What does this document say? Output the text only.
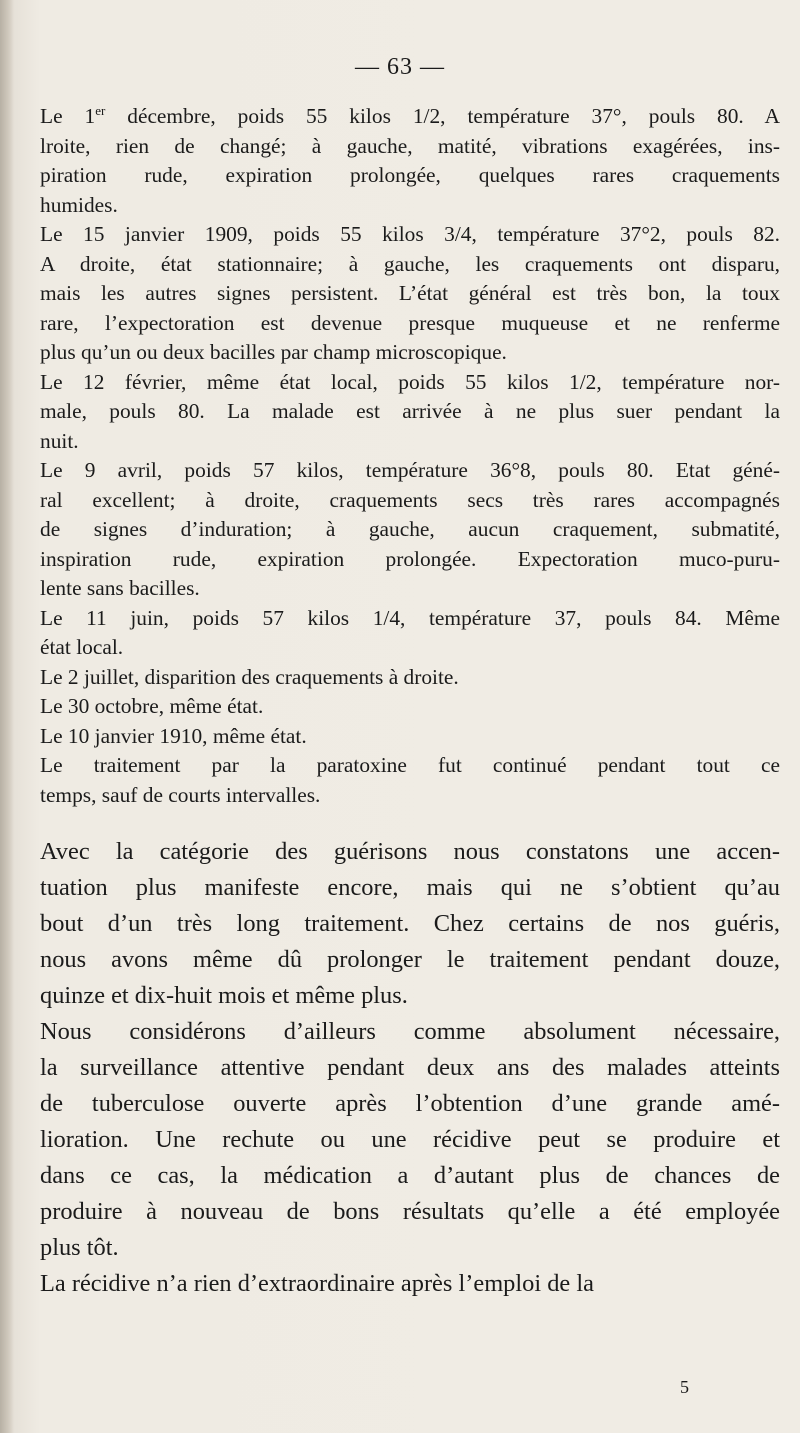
— 63 —

Le 1er décembre, poids 55 kilos 1/2, température 37°, pouls 80. A
lroite, rien de changé; à gauche, matité, vibrations exagérées, ins-
piration rude, expiration prolongée, quelques rares craquements
humides.

Le 15 janvier 1909, poids 55 kilos 3/4, température 37°2, pouls 82.
A droite, état stationnaire; à gauche, les craquements ont disparu,
mais les autres signes persistent. L’état général est très bon, la toux
rare, l’expectoration est devenue presque muqueuse et ne renferme
plus qu’un ou deux bacilles par champ microscopique.

Le 12 février, même état local, poids 55 kilos 1/2, température nor-
male, pouls 80. La malade est arrivée à ne plus suer pendant la
nuit.

Le 9 avril, poids 57 kilos, température 36°8, pouls 80. Etat géné-
ral excellent; à droite, craquements secs très rares accompagnés
de signes d’induration; à gauche, aucun craquement, submatité,
inspiration rude, expiration prolongée. Expectoration muco-puru-
lente sans bacilles.

Le 11 juin, poids 57 kilos 1/4, température 37, pouls 84. Même
état local.

Le 2 juillet, disparition des craquements à droite.

Le 30 octobre, même état.

Le 10 janvier 1910, même état.

Le traitement par la paratoxine fut continué pendant tout ce
temps, sauf de courts intervalles.

Avec la catégorie des guérisons nous constatons une accen-
tuation plus manifeste encore, mais qui ne s’obtient qu’au
bout d’un très long traitement. Chez certains de nos guéris,
nous avons même dû prolonger le traitement pendant douze,
quinze et dix-huit mois et même plus.

Nous considérons d’ailleurs comme absolument nécessaire,
la surveillance attentive pendant deux ans des malades atteints
de tuberculose ouverte après l’obtention d’une grande amé-
lioration. Une rechute ou une récidive peut se produire et
dans ce cas, la médication a d’autant plus de chances de
produire à nouveau de bons résultats qu’elle a été employée
plus tôt.

La récidive n’a rien d’extraordinaire après l’emploi de la

5
